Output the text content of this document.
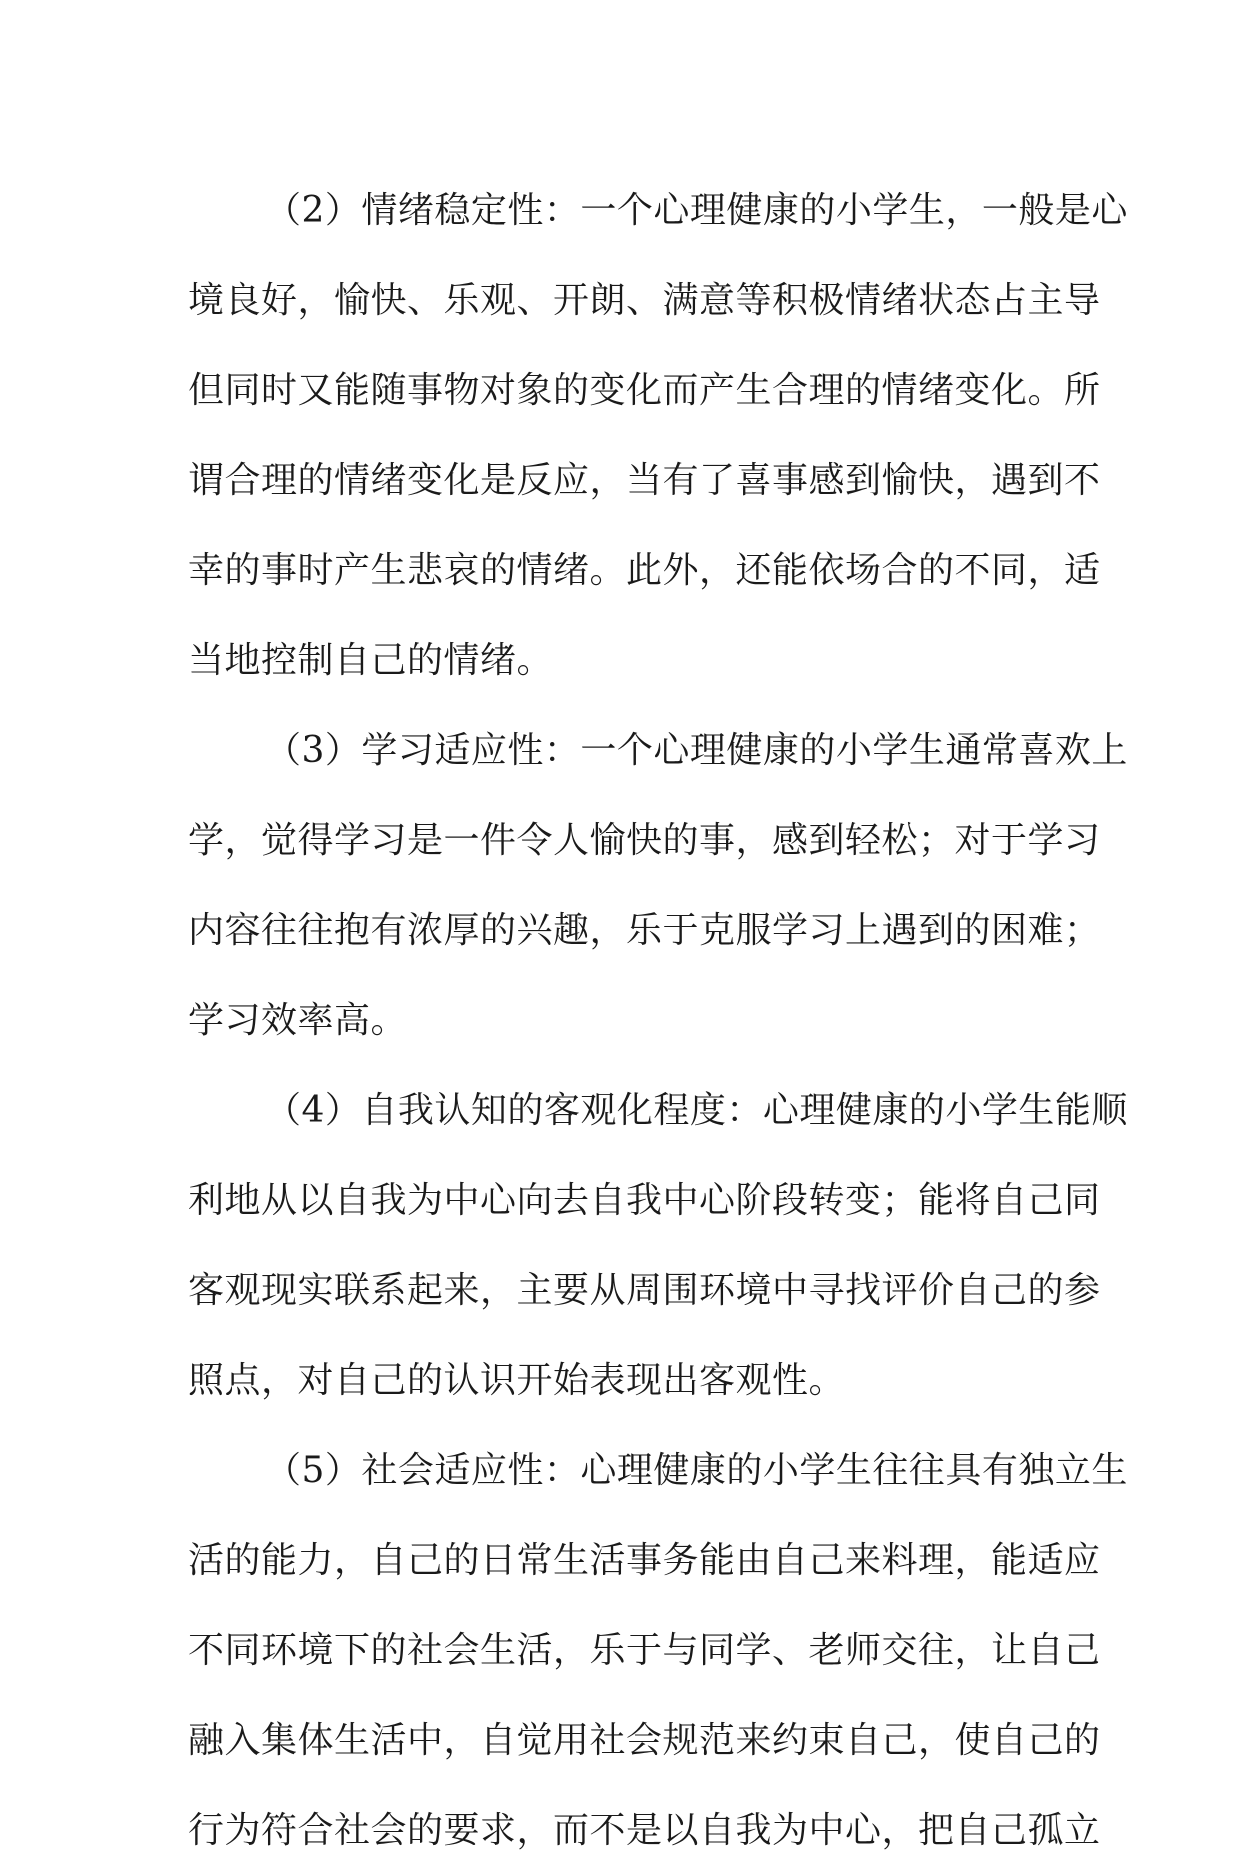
（2）情绪稳定性：一个心理健康的小学生，一般是心
境良好，愉快、乐观、开朗、满意等积极情绪状态占主导
但同时又能随事物对象的变化而产生合理的情绪变化。所
谓合理的情绪变化是反应，当有了喜事感到愉快，遇到不
幸的事时产生悲哀的情绪。此外，还能依场合的不同，适
当地控制自己的情绪。
（3）学习适应性：一个心理健康的小学生通常喜欢上
学，觉得学习是一件令人愉快的事，感到轻松；对于学习
内容往往抱有浓厚的兴趣，乐于克服学习上遇到的困难；
学习效率高。
（4）自我认知的客观化程度：心理健康的小学生能顺
利地从以自我为中心向去自我中心阶段转变；能将自己同
客观现实联系起来，主要从周围环境中寻找评价自己的参
照点，对自己的认识开始表现出客观性。
（5）社会适应性：心理健康的小学生往往具有独立生
活的能力，自己的日常生活事务能由自己来料理，能适应
不同环境下的社会生活，乐于与同学、老师交往，让自己
融入集体生活中，自觉用社会规范来约束自己，使自己的
行为符合社会的要求，而不是以自我为中心，把自己孤立
